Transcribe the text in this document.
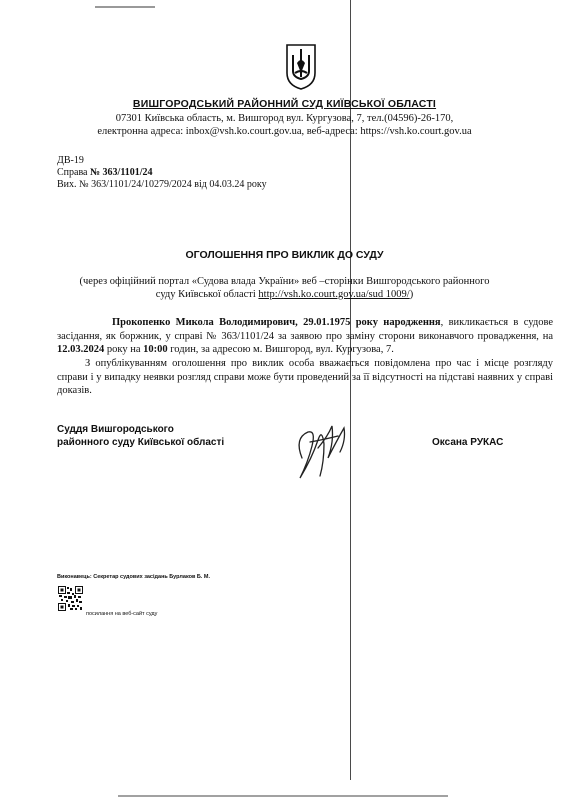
ВИШГОРОДСЬКИЙ РАЙОННИЙ СУД КИЇВСЬКОЇ ОБЛАСТІ
07301 Київська область, м. Вишгород вул. Кургузова, 7, тел.(04596)-26-170,
електронна адреса: inbox@vsh.ko.court.gov.ua, веб-адреса: https://vsh.ko.court.gov.ua
ДВ-19
Справа № 363/1101/24
Вих. № 363/1101/24/10279/2024 від 04.03.24 року
ОГОЛОШЕННЯ ПРО ВИКЛИК ДО СУДУ
(через офіційний портал «Судова влада України» веб –сторінки Вишгородського районного
суду Київської області http://vsh.ko.court.gov.ua/sud 1009/)
Прокопенко Микола Володимирович, 29.01.1975 року народження, викликається в судове засідання, як боржник, у справі № 363/1101/24 за заявою про заміну сторони виконавчого провадження, на 12.03.2024 року на 10:00 годин, за адресою м. Вишгород, вул. Кургузова, 7.
З опублікуванням оголошення про виклик особа вважається повідомлена про час і місце розгляду справи і у випадку неявки розгляд справи може бути проведений за її відсутності на підставі наявних у справі доказів.
Суддя Вишгородського
районного суду Київської області	Оксана РУКАС
Виконавець: Секретар судових засідань Бурлаков Б. М.
посилання на веб-сайт суду
